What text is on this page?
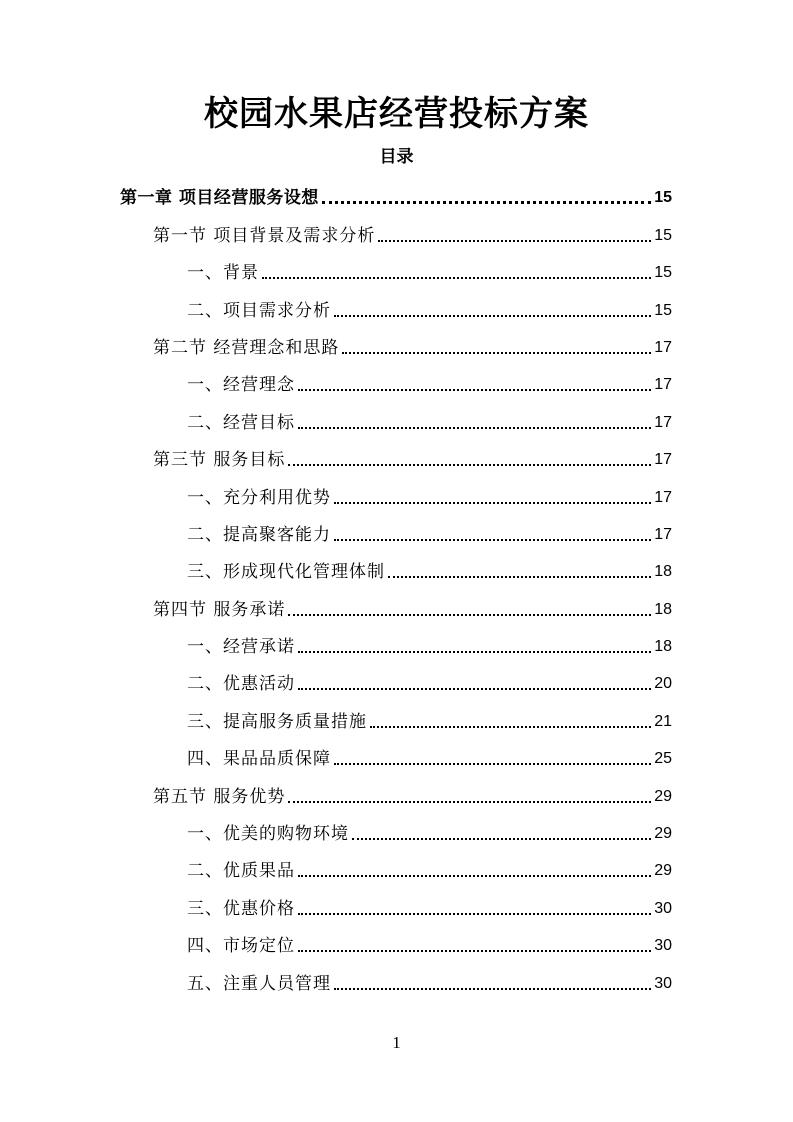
校园水果店经营投标方案
目录
第一章 项目经营服务设想	15
第一节 项目背景及需求分析	15
一、背景	15
二、项目需求分析	15
第二节 经营理念和思路	17
一、经营理念	17
二、经营目标	17
第三节 服务目标	17
一、充分利用优势	17
二、提高聚客能力	17
三、形成现代化管理体制	18
第四节 服务承诺	18
一、经营承诺	18
二、优惠活动	20
三、提高服务质量措施	21
四、果品品质保障	25
第五节 服务优势	29
一、优美的购物环境	29
二、优质果品	29
三、优惠价格	30
四、市场定位	30
五、注重人员管理	30
1
